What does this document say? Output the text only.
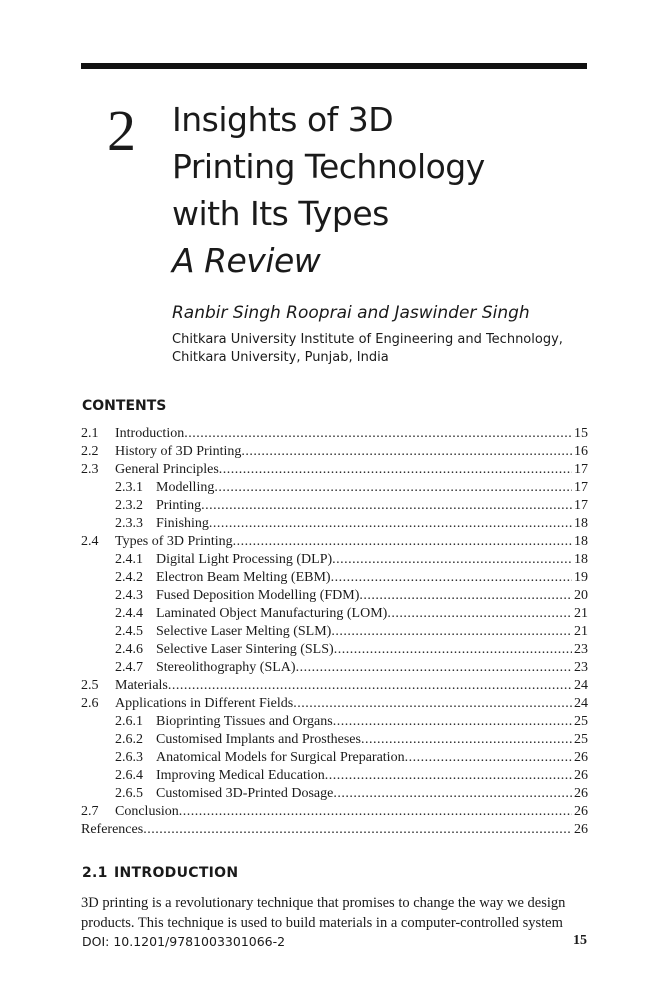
2 Insights of 3D
Printing Technology
with Its Types
A Review
Ranbir Singh Rooprai and Jaswinder Singh
Chitkara University Institute of Engineering and Technology,
Chitkara University, Punjab, India
CONTENTS
2.1	Introduction .....	15
2.2	History of 3D Printing .....	16
2.3	General Principles .....	17
2.3.1 Modelling .....	17
2.3.2 Printing .....	17
2.3.3 Finishing .....	18
2.4	Types of 3D Printing .....	18
2.4.1 Digital Light Processing (DLP) .....	18
2.4.2 Electron Beam Melting (EBM) .....	19
2.4.3 Fused Deposition Modelling (FDM) .....	20
2.4.4 Laminated Object Manufacturing (LOM) .....	21
2.4.5 Selective Laser Melting (SLM) .....	21
2.4.6 Selective Laser Sintering (SLS) .....	23
2.4.7 Stereolithography (SLA) .....	23
2.5	Materials .....	24
2.6	Applications in Different Fields .....	24
2.6.1 Bioprinting Tissues and Organs .....	25
2.6.2 Customised Implants and Prostheses .....	25
2.6.3 Anatomical Models for Surgical Preparation .....	26
2.6.4 Improving Medical Education .....	26
2.6.5 Customised 3D-Printed Dosage .....	26
2.7	Conclusion .....	26
References .....	26
2.1 INTRODUCTION
3D printing is a revolutionary technique that promises to change the way we design
products. This technique is used to build materials in a computer-controlled system
DOI: 10.1201/9781003301066-2	15
